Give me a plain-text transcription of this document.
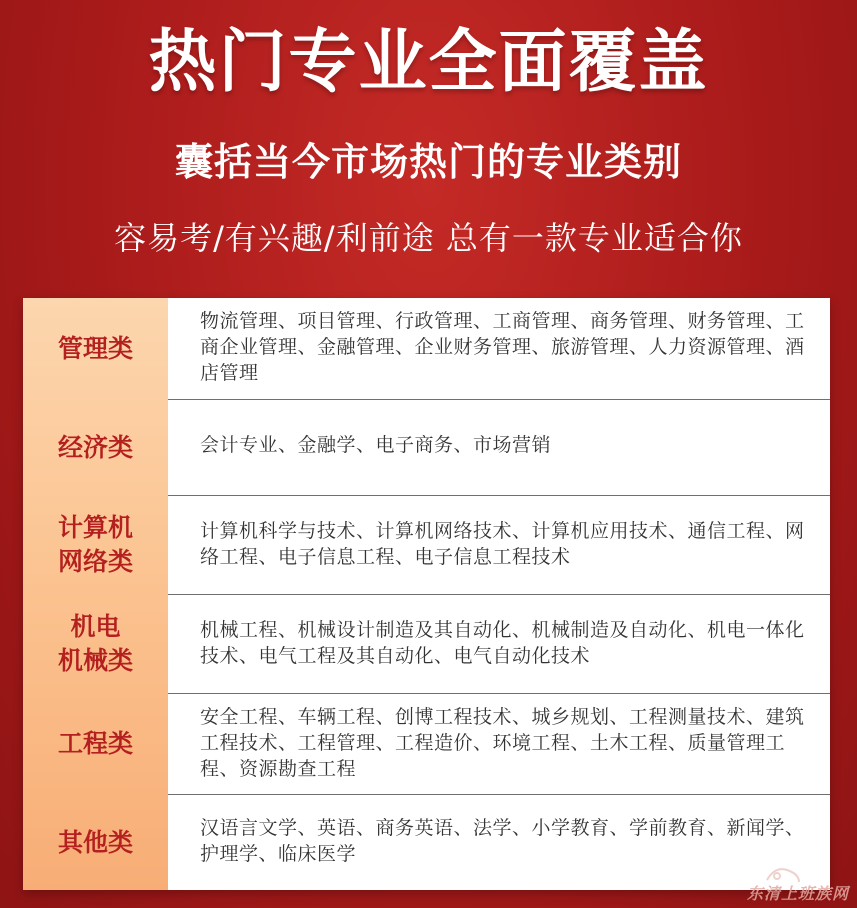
热门专业全面覆盖
囊括当今市场热门的专业类别
容易考/有兴趣/利前途 总有一款专业适合你
管理类
物流管理、项目管理、行政管理、工商管理、商务管理、财务管理、工商企业管理、金融管理、企业财务管理、旅游管理、人力资源管理、酒店管理
经济类	会计专业、金融学、电子商务、市场营销
计算机
网络类
计算机科学与技术、计算机网络技术、计算机应用技术、通信工程、网络工程、电子信息工程、电子信息工程技术
机电
机械类
机械工程、机械设计制造及其自动化、机械制造及自动化、机电一体化技术、电气工程及其自动化、电气自动化技术
工程类
安全工程、车辆工程、创博工程技术、城乡规划、工程测量技术、建筑工程技术、工程管理、工程造价、环境工程、土木工程、质量管理工程、资源勘查工程
其他类	汉语言文学、英语、商务英语、法学、小学教育、学前教育、新闻学、护理学、临床医学
东清上班族网
